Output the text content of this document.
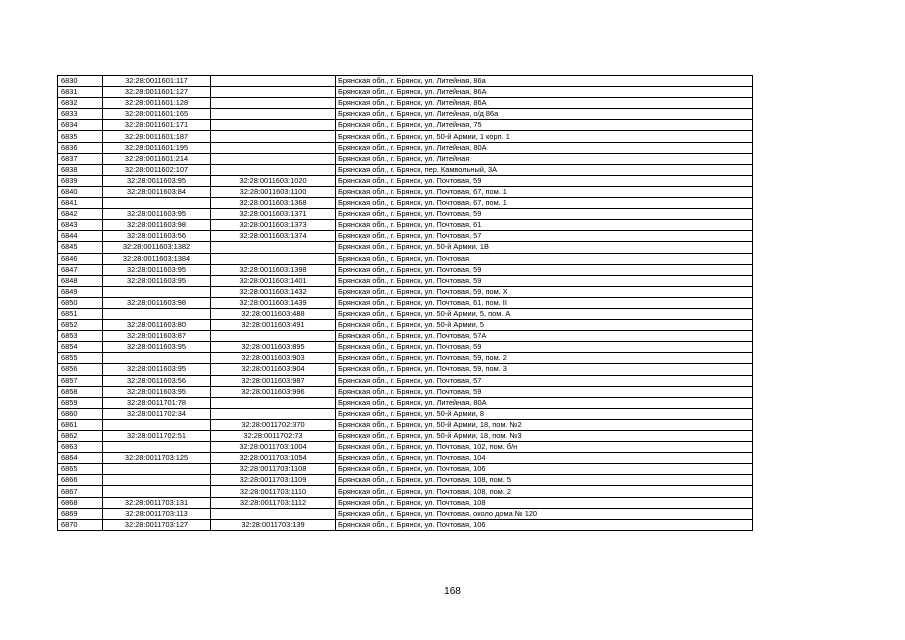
6830	32:28:0011601:117		Брянская обл., г. Брянск, ул. Литейная, 86а
6831	32:28:0011601:127		Брянская обл., г. Брянск, ул. Литейная, 86А
6832	32:28:0011601:128		Брянская обл., г. Брянск, ул. Литейная, 86А
6833	32:28:0011601:165		Брянская обл., г. Брянск, ул. Литейная, о/д 86а
6834	32:28:0011601:171		Брянская обл., г. Брянск, ул. Литейная, 75
6835	32:28:0011601:187		Брянская обл., г. Брянск, ул. 50-й Армии, 1 корп. 1
6836	32:28:0011601:195		Брянская обл., г. Брянск, ул. Литейная, 80А
6837	32:28:0011601:214		Брянская обл., г. Брянск, ул. Литейная
6838	32:28:0011602:107		Брянская обл., г. Брянск, пер. Камвольный, 3А
6839	32:28:0011603:95	32:28:0011603:1020	Брянская обл., г. Брянск, ул. Почтовая, 59
6840	32:28:0011603:84	32:28:0011603:1100	Брянская обл., г. Брянск, ул. Почтовая, 67, пом. 1
6841		32:28:0011603:1368	Брянская обл., г. Брянск, ул. Почтовая, 67, пом. 1
6842	32:28:0011603:95	32:28:0011603:1371	Брянская обл., г. Брянск, ул. Почтовая, 59
6843	32:28:0011603:98	32:28:0011603:1373	Брянская обл., г. Брянск, ул. Почтовая, 61
6844	32:28:0011603:56	32:28:0011603:1374	Брянская обл., г. Брянск, ул. Почтовая, 57
6845	32:28:0011603:1382		Брянская обл., г. Брянск, ул. 50-й Армии, 1В
6846	32:28:0011603:1384		Брянская обл., г. Брянск, ул. Почтовая
6847	32:28:0011603:95	32:28:0011603:1398	Брянская обл., г. Брянск, ул. Почтовая, 59
6848	32:28:0011603:95	32:28:0011603:1401	Брянская обл., г. Брянск, ул. Почтовая, 59
6849		32:28:0011603:1432	Брянская обл., г. Брянск, ул. Почтовая, 59, пом. X
6850	32:28:0011603:98	32:28:0011603:1439	Брянская обл., г. Брянск, ул. Почтовая, 61, пом. II
6851		32:28:0011603:488	Брянская обл., г. Брянск, ул. 50-й Армии, 5, пом. А
6852	32:28:0011603:80	32:28:0011603:491	Брянская обл., г. Брянск, ул. 50-й Армии, 5
6853	32:28:0011603:87		Брянская обл., г. Брянск, ул. Почтовая, 57А
6854	32:28:0011603:95	32:28:0011603:895	Брянская обл., г. Брянск, ул. Почтовая, 59
6855		32:28:0011603:903	Брянская обл., г. Брянск, ул. Почтовая, 59, пом. 2
6856	32:28:0011603:95	32:28:0011603:904	Брянская обл., г. Брянск, ул. Почтовая, 59, пом. 3
6857	32:28:0011603:56	32:28:0011603:987	Брянская обл., г. Брянск, ул. Почтовая, 57
6858	32:28:0011603:95	32:28:0011603:996	Брянская обл., г. Брянск, ул. Почтовая, 59
6859	32:28:0011701:78		Брянская обл., г. Брянск, ул. Литейная, 80А
6860	32:28:0011702:34		Брянская обл., г. Брянск, ул. 50-й Армии, 8
6861		32:28:0011702:370	Брянская обл., г. Брянск, ул. 50-й Армии, 18, пом. №2
6862	32:28:0011702:51	32:28:0011702:73	Брянская обл., г. Брянск, ул. 50-й Армии, 18, пом. №3
6863		32:28:0011703:1004	Брянская обл., г. Брянск, ул. Почтовая, 102, пом. б/н
6864	32:28:0011703:125	32:28:0011703:1054	Брянская обл., г. Брянск, ул. Почтовая, 104
6865		32:28:0011703:1108	Брянская обл., г. Брянск, ул. Почтовая, 106
6866		32:28:0011703:1109	Брянская обл., г. Брянск, ул. Почтовая, 108, пом. 5
6867		32:28:0011703:1110	Брянская обл., г. Брянск, ул. Почтовая, 108, пом. 2
6868	32:28:0011703:131	32:28:0011703:1112	Брянская обл., г. Брянск, ул. Почтовая, 108
6869	32:28:0011703:113		Брянская обл., г. Брянск, ул. Почтовая, около дома № 120
6870	32:28:0011703:127	32:28:0011703:139	Брянская обл., г. Брянск, ул. Почтовая, 106
168
